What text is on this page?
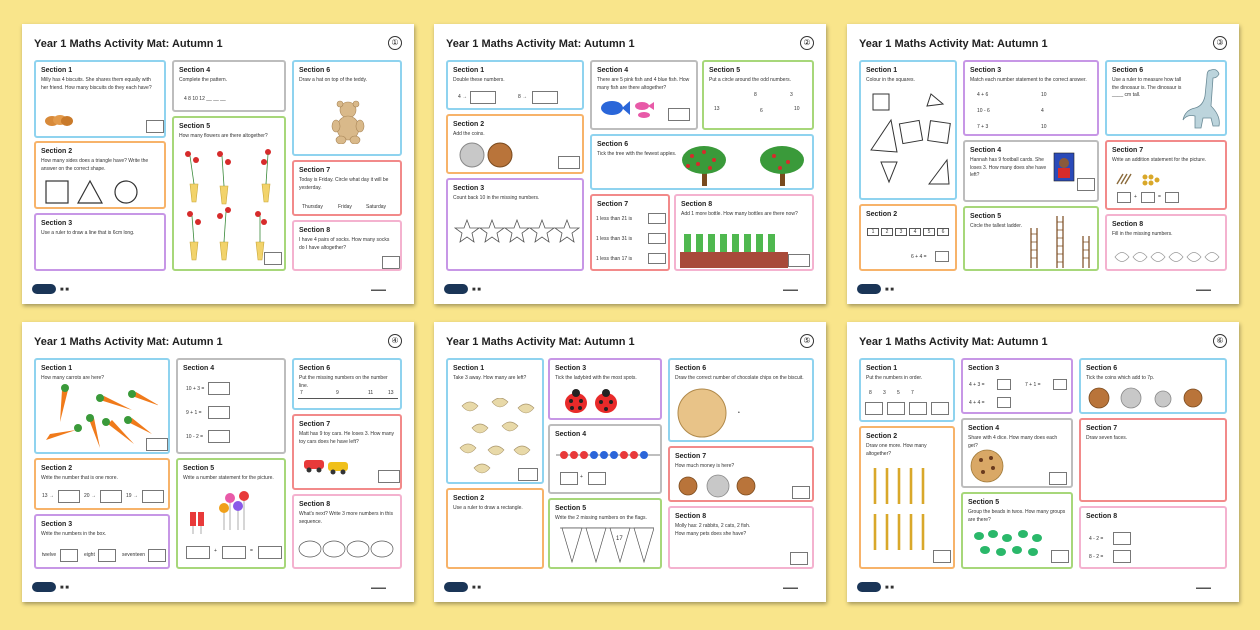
Year 1 Maths Activity Mat: Autumn 1	①
Section 1
Milly has 4 biscuits. She shares them equally with her friend. How many biscuits do they each have?
Section 2
How many sides does a triangle have? Write the answer on the correct shape.
Section 3
Use a ruler to draw a line that is 6cm long.
Section 4
Complete the pattern.
4 8 10 12 __ __ __
Section 5
How many flowers are there altogether?
Section 6
Draw a hat on top of the teddy.
Section 7
Today is Friday. Circle what day it will be yesterday.
Thursday	Friday	Saturday
Section 8
I have 4 pairs of socks. How many socks do I have altogether?
■ ■	▬▬▬
Year 1 Maths Activity Mat: Autumn 1	②
Section 1
Double these numbers.
4 →	8 →
Section 2
Add the coins.
Section 3
Count back 10 in the missing numbers.
Section 4
There are 5 pink fish and 4 blue fish. How many fish are there altogether?
Section 5
Put a circle around the odd numbers.
8	3
13	6	10
Section 6
Tick the tree with the fewest apples.
Section 7
1 less than 21 is
1 less than 31 is
1 less than 17 is
Section 8
Add 1 more bottle. How many bottles are there now?
■ ■	▬▬▬
Year 1 Maths Activity Mat: Autumn 1	③
Section 1
Colour in the squares.
Section 2
1	2	3	4	5	6
6 + 4 =
Section 3
Match each number statement to the correct answer.
4 + 6
10 - 6
7 + 3
10
4
10
Section 4
Hannah has 9 football cards. She loses 3. How many does she have left?
Section 5
Circle the tallest ladder.
Section 6
Use a ruler to measure how tall the dinosaur is. The dinosaur is ____ cm tall.
Section 7
Write an addition statement for the picture.
+	=
Section 8
Fill in the missing numbers.
■ ■	▬▬▬
Year 1 Maths Activity Mat: Autumn 1	④
Section 1
How many carrots are here?
Section 2
Write the number that is one more.
13 →	20 →	19 →
Section 3
Write the numbers in the box.
twelve	eight	seventeen
Section 4
10 + 3 =
9 + 1 =
10 - 2 =
Section 5
Write a number statement for the picture.
+	=
Section 6
Put the missing numbers on the number line.
7	9	11	13
Section 7
Matt has 9 toy cars. He loses 3. How many toy cars does he have left?
Section 8
What's next? Write 3 more numbers in this sequence.
■ ■	▬▬▬
Year 1 Maths Activity Mat: Autumn 1	⑤
Section 1
Take 3 away. How many are left?
Section 2
Use a ruler to draw a rectangle.
Section 3
Tick the ladybird with the most spots.
Section 4
+
Section 5
Write the 2 missing numbers on the flags.
17
Section 6
Draw the correct number of chocolate chips on the biscuit.
•
Section 7
How much money is here?
Section 8
Molly has: 2 rabbits, 2 cats, 2 fish. How many pets does she have?
■ ■	▬▬▬
Year 1 Maths Activity Mat: Autumn 1	⑥
Section 1
Put the numbers in order.
8 3 5 7
Section 2
Draw one more. How many altogether?
Section 3
4 + 3 =	7 + 1 =
4 + 4 =
Section 4
Share with 4 dice. How many does each get?
Section 5
Group the beads in twos. How many groups are there?
Section 6
Tick the coins which add to 7p.
Section 7
Draw seven faces.
Section 8
4 - 2 =
8 - 2 =
■ ■	▬▬▬
